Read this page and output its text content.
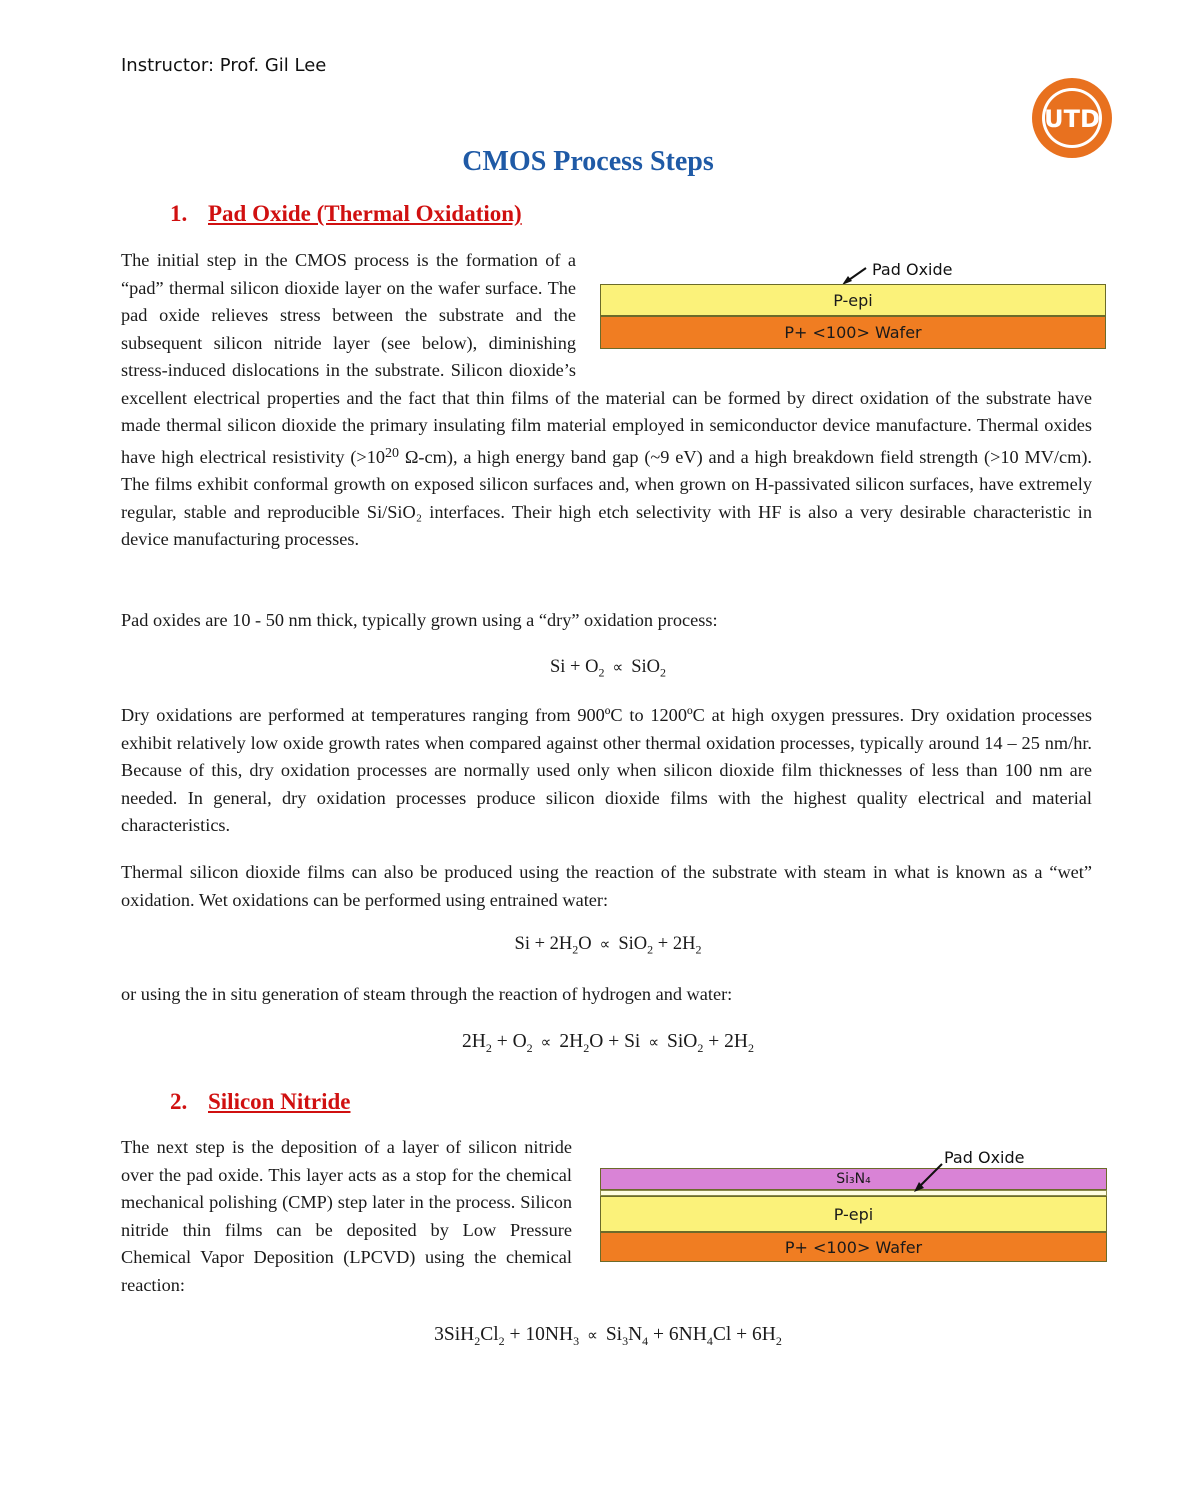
Instructor: Prof. Gil Lee
UTD
CMOS Process Steps
1. Pad Oxide (Thermal Oxidation)
The initial step in the CMOS process is the formation of a “pad” thermal silicon dioxide layer on the wafer surface. The pad oxide relieves stress between the substrate and the subsequent silicon nitride layer (see below), diminishing stress-induced dislocations in the substrate. Silicon dioxide’s excellent electrical properties and the fact that thin films of the material can be formed by direct oxidation of the substrate have made thermal silicon dioxide the primary insulating film material employed in semiconductor device manufacture. Thermal oxides have high electrical resistivity ($>10^{20}$ Ω-cm), a high energy band gap (~9 eV) and a high breakdown field strength (>10 MV/cm). The films exhibit conformal growth on exposed silicon surfaces and, when grown on H-passivated silicon surfaces, have extremely regular, stable and reproducible Si/SiO₂ interfaces. Their high etch selectivity with HF is also a very desirable characteristic in device manufacturing processes.
Pad Oxide
P-epi
P+ <100> Wafer
Pad oxides are 10 - 50 nm thick, typically grown using a “dry” oxidation process:
$Si + O_2 \propto SiO_2$
Dry oxidations are performed at temperatures ranging from 900ºC to 1200ºC at high oxygen pressures. Dry oxidation processes exhibit relatively low oxide growth rates when compared against other thermal oxidation processes, typically around 14 – 25 nm/hr. Because of this, dry oxidation processes are normally used only when silicon dioxide film thicknesses of less than 100 nm are needed. In general, dry oxidation processes produce silicon dioxide films with the highest quality electrical and material characteristics.
Thermal silicon dioxide films can also be produced using the reaction of the substrate with steam in what is known as a “wet” oxidation. Wet oxidations can be performed using entrained water:
$Si + 2H_2O \propto SiO_2 + 2H_2$
or using the in situ generation of steam through the reaction of hydrogen and water:
$2H_2 + O_2 \propto 2H_2O + Si \propto SiO_2 + 2H_2$
2. Silicon Nitride
The next step is the deposition of a layer of silicon nitride over the pad oxide. This layer acts as a stop for the chemical mechanical polishing (CMP) step later in the process. Silicon nitride thin films can be deposited by Low Pressure Chemical Vapor Deposition (LPCVD) using the chemical reaction:
Pad Oxide
Si₃N₄
P-epi
P+ <100> Wafer
$3SiH_2Cl_2 + 10NH_3 \propto Si_3N_4 + 6NH_4Cl + 6H_2$
